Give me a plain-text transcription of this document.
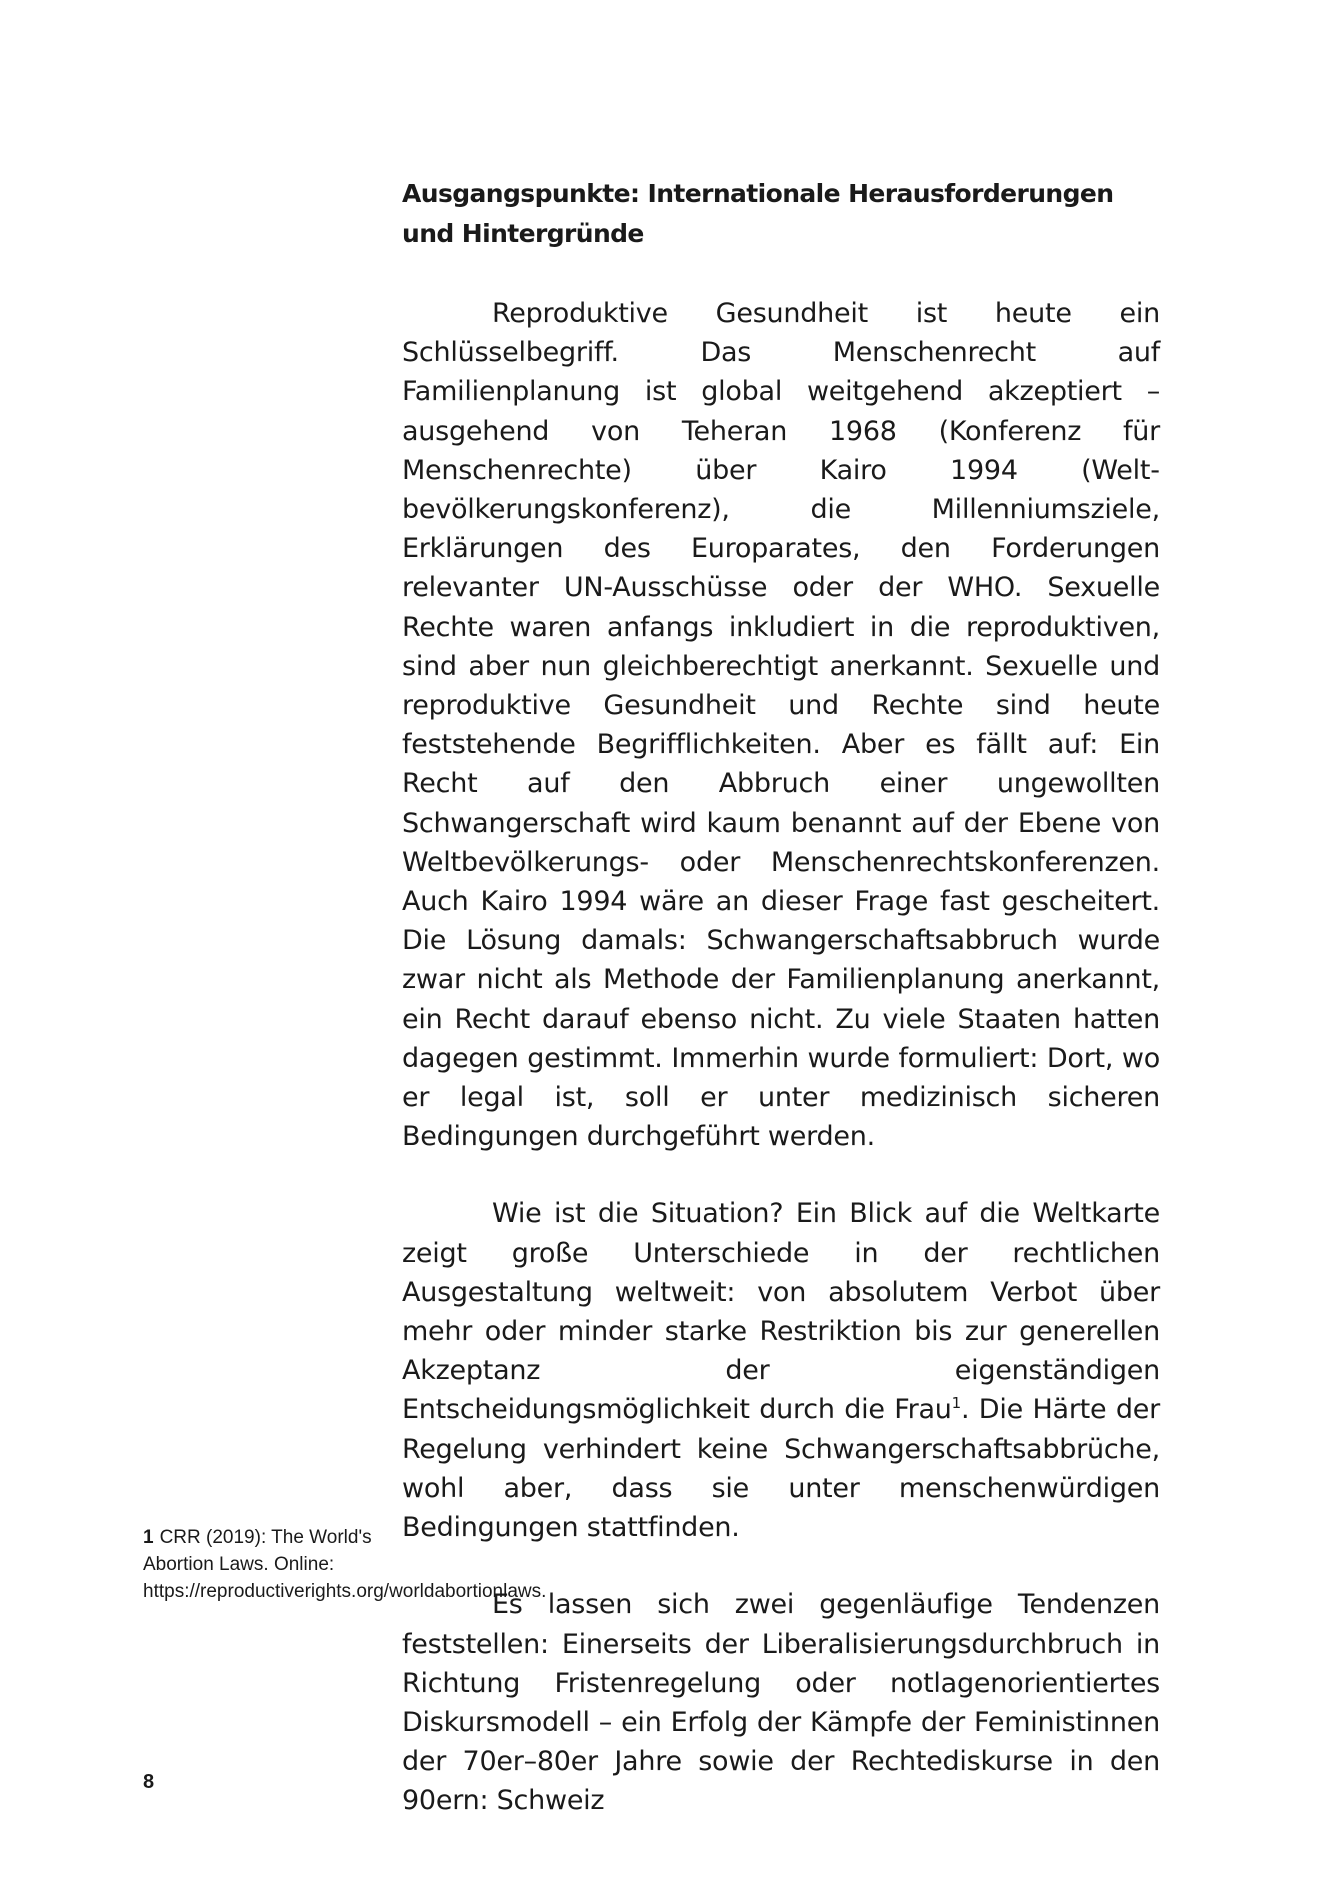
Ausgangspunkte: Internationale Herausforderungen und Hintergründe

Reproduktive Gesundheit ist heute ein Schlüsselbegriff. Das Menschenrecht auf Familienplanung ist global weitgehend akzeptiert – ausgehend von Teheran 1968 (Konferenz für Menschenrechte) über Kairo 1994 (Weltbevölkerungskonferenz), die Millenniumsziele, Erklärungen des Europarates, den Forderungen relevanter UN-Ausschüsse oder der WHO. Sexuelle Rechte waren anfangs inkludiert in die reproduktiven, sind aber nun gleichberechtigt anerkannt. Sexuelle und reproduktive Gesundheit und Rechte sind heute feststehende Begrifflichkeiten. Aber es fällt auf: Ein Recht auf den Abbruch einer ungewollten Schwangerschaft wird kaum benannt auf der Ebene von Weltbevölkerungs- oder Menschenrechtskonferenzen. Auch Kairo 1994 wäre an dieser Frage fast gescheitert. Die Lösung damals: Schwangerschaftsabbruch wurde zwar nicht als Methode der Familienplanung anerkannt, ein Recht darauf ebenso nicht. Zu viele Staaten hatten dagegen gestimmt. Immerhin wurde formuliert: Dort, wo er legal ist, soll er unter medizinisch sicheren Bedingungen durchgeführt werden.

Wie ist die Situation? Ein Blick auf die Weltkarte zeigt große Unterschiede in der rechtlichen Ausgestaltung weltweit: von absolutem Verbot über mehr oder minder starke Restriktion bis zur generellen Akzeptanz der eigenständigen Entscheidungsmöglichkeit durch die Frau$^1$. Die Härte der Regelung verhindert keine Schwangerschaftsabbrüche, wohl aber, dass sie unter menschenwürdigen Bedingungen stattfinden.

Es lassen sich zwei gegenläufige Tendenzen feststellen: Einerseits der Liberalisierungsdurchbruch in Richtung Fristenregelung oder notlagenorientiertes Diskursmodell – ein Erfolg der Kämpfe der Feministinnen der 70er–80er Jahre sowie der Rechtediskurse in den 90ern: Schweiz

1 CRR (2019): The World's Abortion Laws. Online: https://reproductiverights.org/worldabortionlaws.
8
